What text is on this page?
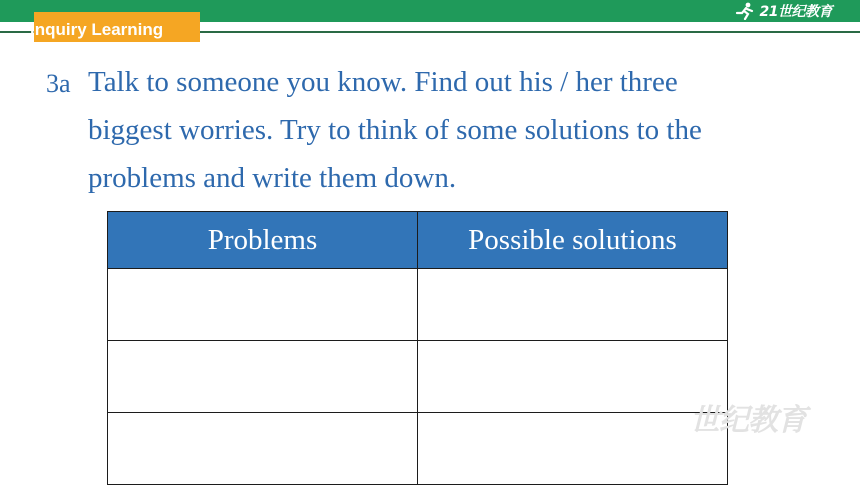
21世纪教育
Inquiry Learning
3a Talk to someone you know. Find out his / her three
biggest worries. Try to think of some solutions to the
problems and write them down.
Problems	Possible solutions

世纪教育
